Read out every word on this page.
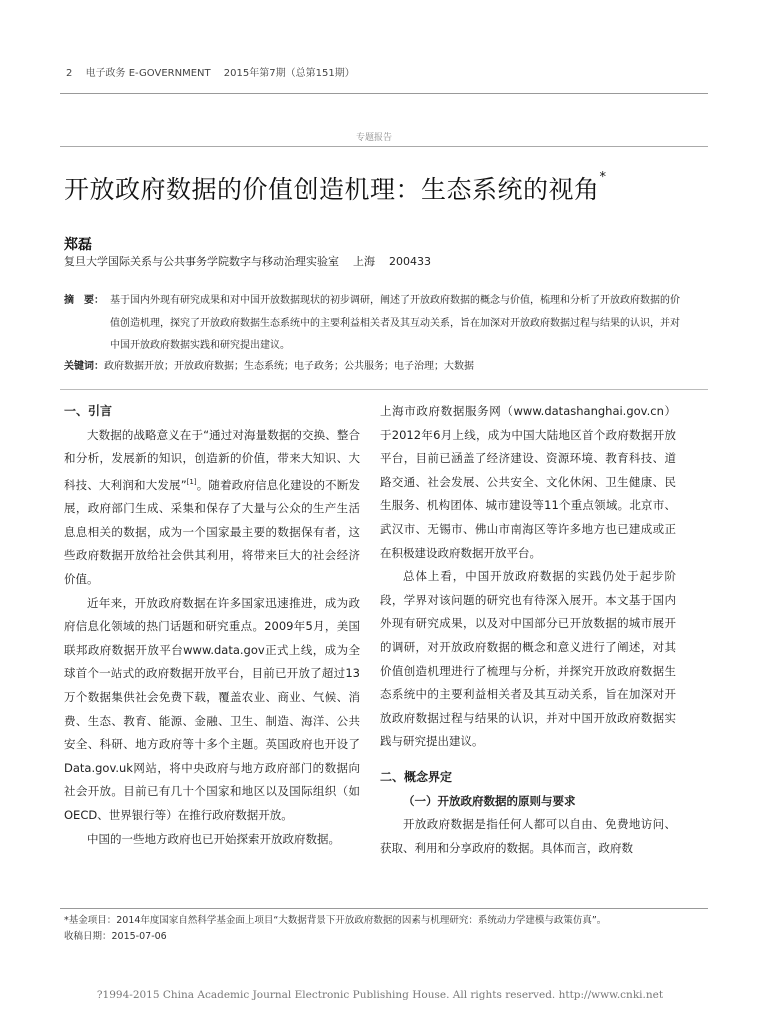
2 电子政务 E-GOVERNMENT 2015年第7期（总第151期）
专题报告
开放政府数据的价值创造机理：生态系统的视角*
郑磊
复旦大学国际关系与公共事务学院数字与移动治理实验室 上海 200433
摘　要： 基于国内外现有研究成果和对中国开放数据现状的初步调研，阐述了开放政府数据的概念与价值，梳理和分析了开放政府数据的价值创造机理，探究了开放政府数据生态系统中的主要利益相关者及其互动关系，旨在加深对开放政府数据过程与结果的认识，并对中国开放政府数据实践和研究提出建议。
关键词：政府数据开放；开放政府数据；生态系统；电子政务；公共服务；电子治理；大数据
一、引言

大数据的战略意义在于“通过对海量数据的交换、整合和分析，发展新的知识，创造新的价值，带来大知识、大科技、大利润和大发展”[1]。随着政府信息化建设的不断发展，政府部门生成、采集和保存了大量与公众的生产生活息息相关的数据，成为一个国家最主要的数据保有者，这些政府数据开放给社会供其利用，将带来巨大的社会经济价值。

近年来，开放政府数据在许多国家迅速推进，成为政府信息化领域的热门话题和研究重点。2009年5月，美国联邦政府数据开放平台www.data.gov正式上线，成为全球首个一站式的政府数据开放平台，目前已开放了超过13万个数据集供社会免费下载，覆盖农业、商业、气候、消费、生态、教育、能源、金融、卫生、制造、海洋、公共安全、科研、地方政府等十多个主题。英国政府也开设了Data.gov.uk网站，将中央政府与地方政府部门的数据向社会开放。目前已有几十个国家和地区以及国际组织（如OECD、世界银行等）在推行政府数据开放。

中国的一些地方政府也已开始探索开放政府数据。

上海市政府数据服务网（www.datashanghai.gov.cn）于2012年6月上线，成为中国大陆地区首个政府数据开放平台，目前已涵盖了经济建设、资源环境、教育科技、道路交通、社会发展、公共安全、文化休闲、卫生健康、民生服务、机构团体、城市建设等11个重点领域。北京市、武汉市、无锡市、佛山市南海区等许多地方也已建成或正在积极建设政府数据开放平台。

总体上看，中国开放政府数据的实践仍处于起步阶段，学界对该问题的研究也有待深入展开。本文基于国内外现有研究成果，以及对中国部分已开放数据的城市展开的调研，对开放政府数据的概念和意义进行了阐述，对其价值创造机理进行了梳理与分析，并探究开放政府数据生态系统中的主要利益相关者及其互动关系，旨在加深对开放政府数据过程与结果的认识，并对中国开放政府数据实践与研究提出建议。

二、概念界定
（一）开放政府数据的原则与要求

开放政府数据是指任何人都可以自由、免费地访问、获取、利用和分享政府的数据。具体而言，政府数

*基金项目：2014年度国家自然科学基金面上项目“大数据背景下开放政府数据的因素与机理研究：系统动力学建模与政策仿真”。
收稿日期：2015-07-06
?1994-2015 China Academic Journal Electronic Publishing House. All rights reserved. http://www.cnki.net
